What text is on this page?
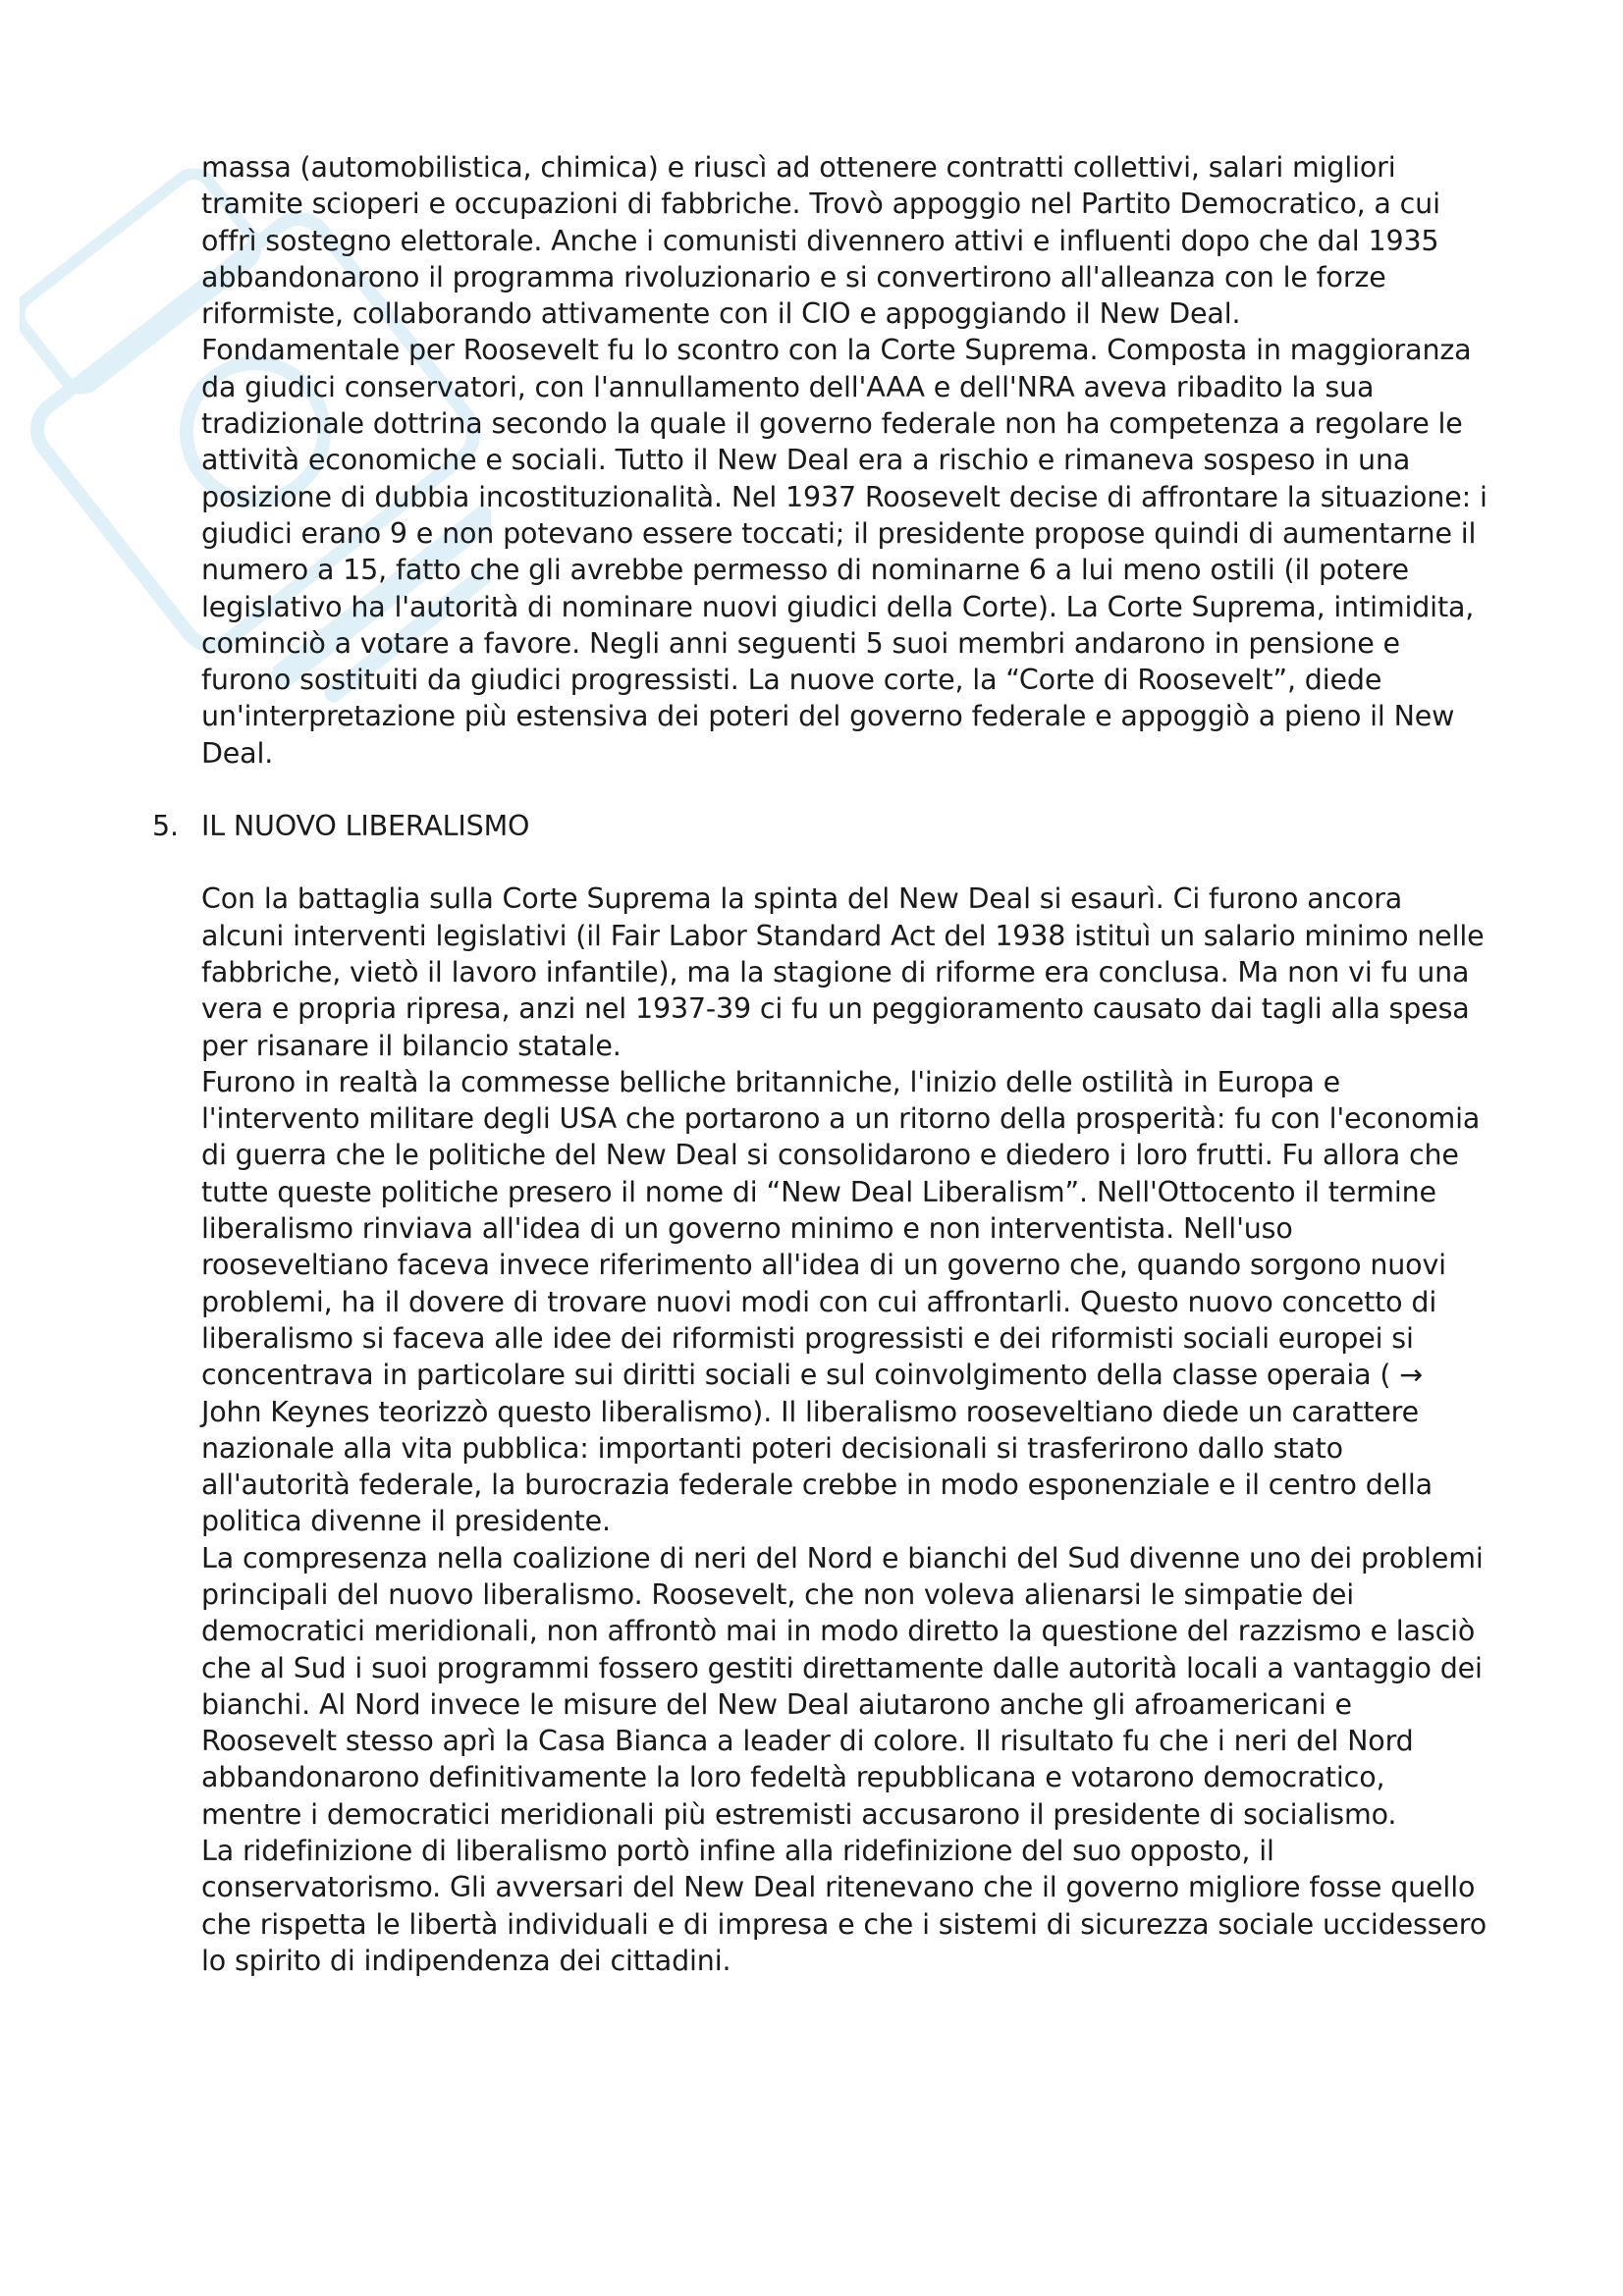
massa (automobilistica, chimica) e riuscì ad ottenere contratti collettivi, salari migliori tramite scioperi e occupazioni di fabbriche. Trovò appoggio nel Partito Democratico, a cui offrì sostegno elettorale. Anche i comunisti divennero attivi e influenti dopo che dal 1935 abbandonarono il programma rivoluzionario e si convertirono all'alleanza con le forze riformiste, collaborando attivamente con il CIO e appoggiando il New Deal.

Fondamentale per Roosevelt fu lo scontro con la Corte Suprema. Composta in maggioranza da giudici conservatori, con l'annullamento dell'AAA e dell'NRA aveva ribadito la sua tradizionale dottrina secondo la quale il governo federale non ha competenza a regolare le attività economiche e sociali. Tutto il New Deal era a rischio e rimaneva sospeso in una posizione di dubbia incostituzionalità. Nel 1937 Roosevelt decise di affrontare la situazione: i giudici erano 9 e non potevano essere toccati; il presidente propose quindi di aumentarne il numero a 15, fatto che gli avrebbe permesso di nominarne 6 a lui meno ostili (il potere legislativo ha l'autorità di nominare nuovi giudici della Corte). La Corte Suprema, intimidita, cominciò a votare a favore. Negli anni seguenti 5 suoi membri andarono in pensione e furono sostituiti da giudici progressisti. La nuove corte, la “Corte di Roosevelt”, diede un'interpretazione più estensiva dei poteri del governo federale e appoggiò a pieno il New Deal.

5. IL NUOVO LIBERALISMO

Con la battaglia sulla Corte Suprema la spinta del New Deal si esaurì. Ci furono ancora alcuni interventi legislativi (il Fair Labor Standard Act del 1938 istituì un salario minimo nelle fabbriche, vietò il lavoro infantile), ma la stagione di riforme era conclusa. Ma non vi fu una vera e propria ripresa, anzi nel 1937-39 ci fu un peggioramento causato dai tagli alla spesa per risanare il bilancio statale.

Furono in realtà la commesse belliche britanniche, l'inizio delle ostilità in Europa e l'intervento militare degli USA che portarono a un ritorno della prosperità: fu con l'economia di guerra che le politiche del New Deal si consolidarono e diedero i loro frutti. Fu allora che tutte queste politiche presero il nome di “New Deal Liberalism”. Nell'Ottocento il termine liberalismo rinviava all'idea di un governo minimo e non interventista. Nell'uso rooseveltiano faceva invece riferimento all'idea di un governo che, quando sorgono nuovi problemi, ha il dovere di trovare nuovi modi con cui affrontarli. Questo nuovo concetto di liberalismo si faceva alle idee dei riformisti progressisti e dei riformisti sociali europei si concentrava in particolare sui diritti sociali e sul coinvolgimento della classe operaia ( → John Keynes teorizzò questo liberalismo). Il liberalismo rooseveltiano diede un carattere nazionale alla vita pubblica: importanti poteri decisionali si trasferirono dallo stato all'autorità federale, la burocrazia federale crebbe in modo esponenziale e il centro della politica divenne il presidente.

La compresenza nella coalizione di neri del Nord e bianchi del Sud divenne uno dei problemi principali del nuovo liberalismo. Roosevelt, che non voleva alienarsi le simpatie dei democratici meridionali, non affrontò mai in modo diretto la questione del razzismo e lasciò che al Sud i suoi programmi fossero gestiti direttamente dalle autorità locali a vantaggio dei bianchi. Al Nord invece le misure del New Deal aiutarono anche gli afroamericani e Roosevelt stesso aprì la Casa Bianca a leader di colore. Il risultato fu che i neri del Nord abbandonarono definitivamente la loro fedeltà repubblicana e votarono democratico, mentre i democratici meridionali più estremisti accusarono il presidente di socialismo.

La ridefinizione di liberalismo portò infine alla ridefinizione del suo opposto, il conservatorismo. Gli avversari del New Deal ritenevano che il governo migliore fosse quello che rispetta le libertà individuali e di impresa e che i sistemi di sicurezza sociale uccidessero lo spirito di indipendenza dei cittadini.
